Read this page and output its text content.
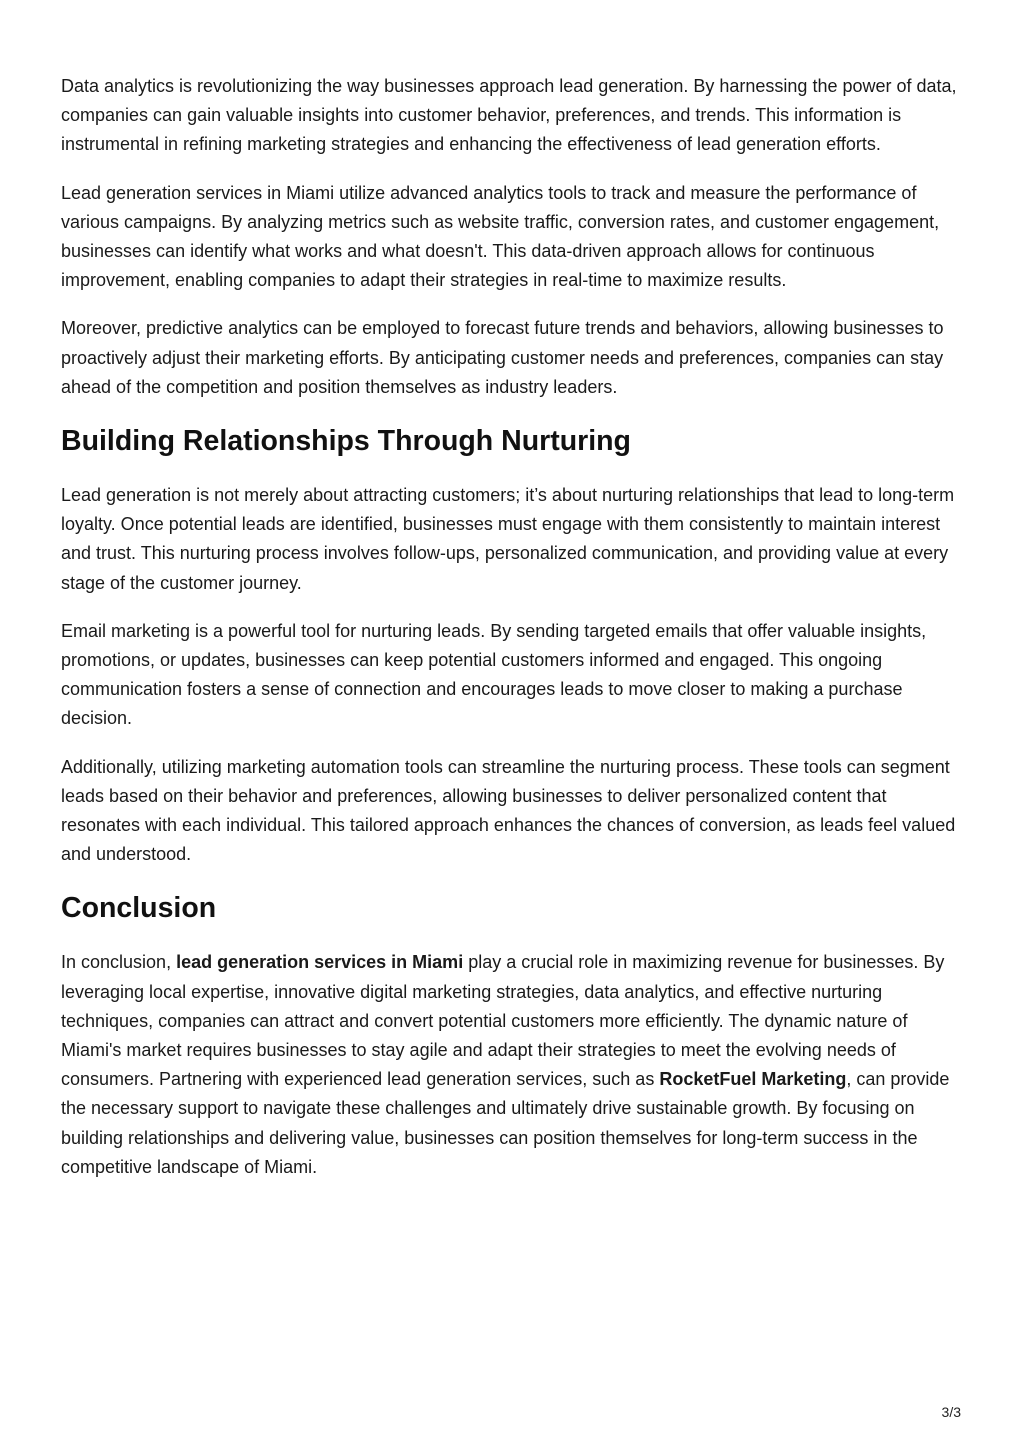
Data analytics is revolutionizing the way businesses approach lead generation. By harnessing the power of data, companies can gain valuable insights into customer behavior, preferences, and trends. This information is instrumental in refining marketing strategies and enhancing the effectiveness of lead generation efforts.

Lead generation services in Miami utilize advanced analytics tools to track and measure the performance of various campaigns. By analyzing metrics such as website traffic, conversion rates, and customer engagement, businesses can identify what works and what doesn't. This data-driven approach allows for continuous improvement, enabling companies to adapt their strategies in real-time to maximize results.

Moreover, predictive analytics can be employed to forecast future trends and behaviors, allowing businesses to proactively adjust their marketing efforts. By anticipating customer needs and preferences, companies can stay ahead of the competition and position themselves as industry leaders.

Building Relationships Through Nurturing

Lead generation is not merely about attracting customers; it’s about nurturing relationships that lead to long-term loyalty. Once potential leads are identified, businesses must engage with them consistently to maintain interest and trust. This nurturing process involves follow-ups, personalized communication, and providing value at every stage of the customer journey.

Email marketing is a powerful tool for nurturing leads. By sending targeted emails that offer valuable insights, promotions, or updates, businesses can keep potential customers informed and engaged. This ongoing communication fosters a sense of connection and encourages leads to move closer to making a purchase decision.

Additionally, utilizing marketing automation tools can streamline the nurturing process. These tools can segment leads based on their behavior and preferences, allowing businesses to deliver personalized content that resonates with each individual. This tailored approach enhances the chances of conversion, as leads feel valued and understood.

Conclusion

In conclusion, lead generation services in Miami play a crucial role in maximizing revenue for businesses. By leveraging local expertise, innovative digital marketing strategies, data analytics, and effective nurturing techniques, companies can attract and convert potential customers more efficiently. The dynamic nature of Miami's market requires businesses to stay agile and adapt their strategies to meet the evolving needs of consumers. Partnering with experienced lead generation services, such as RocketFuel Marketing, can provide the necessary support to navigate these challenges and ultimately drive sustainable growth. By focusing on building relationships and delivering value, businesses can position themselves for long-term success in the competitive landscape of Miami.

3/3
